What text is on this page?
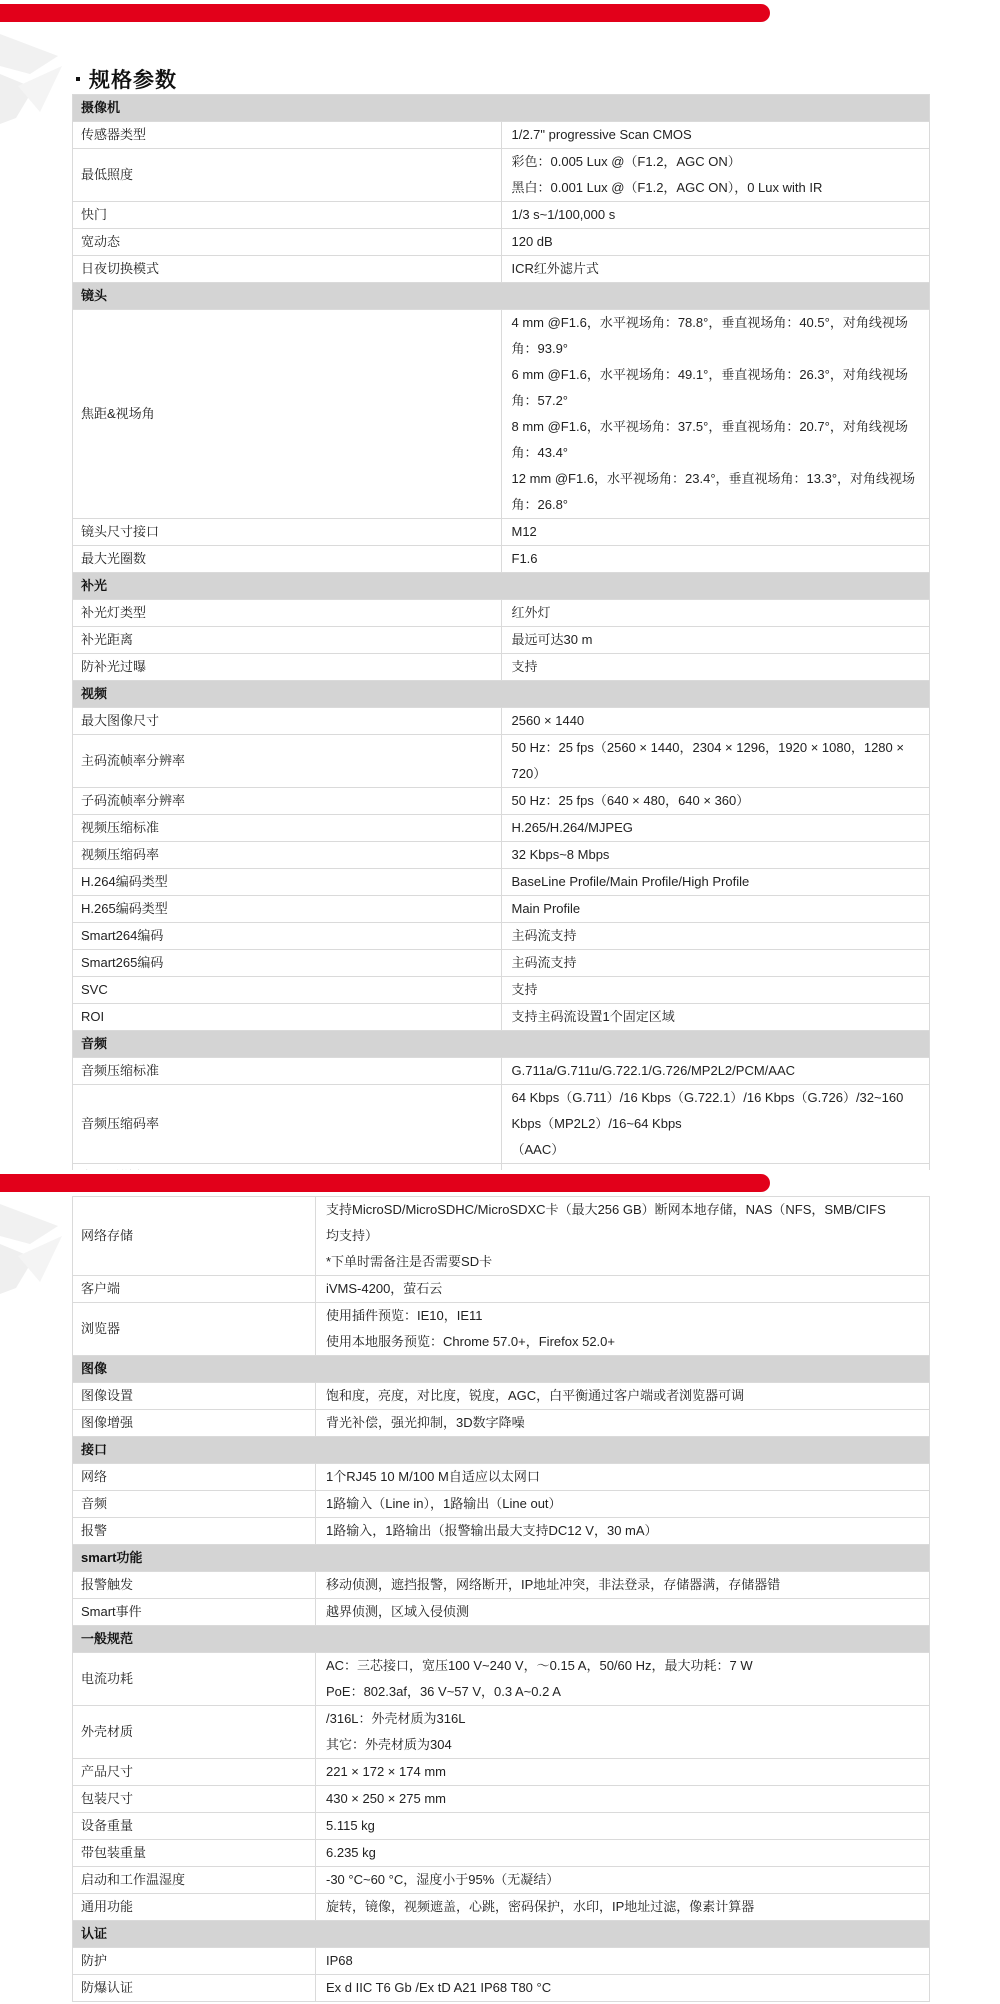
规格参数
摄像机	
传感器类型	1/2.7" progressive Scan CMOS

最低照度	彩色：0.005 Lux @（F1.2，AGC ON）
黑白：0.001 Lux @（F1.2，AGC ON），0 Lux with IR

快门	1/3 s~1/100,000 s

宽动态	120 dB

日夜切换模式	ICR红外滤片式

镜头	
焦距&视场角	4 mm @F1.6，水平视场角：78.8°，垂直视场角：40.5°，对角线视场角：93.9°
6 mm @F1.6，水平视场角：49.1°，垂直视场角：26.3°，对角线视场角：57.2°
8 mm @F1.6，水平视场角：37.5°，垂直视场角：20.7°，对角线视场角：43.4°
12 mm @F1.6，水平视场角：23.4°，垂直视场角：13.3°，对角线视场角：26.8°

镜头尺寸接口	M12

最大光圈数	F1.6

补光	
补光灯类型	红外灯

补光距离	最远可达30 m

防补光过曝	支持

视频	
最大图像尺寸	2560 × 1440

主码流帧率分辨率	50 Hz：25 fps（2560 × 1440，2304 × 1296，1920 × 1080，1280 × 720）

子码流帧率分辨率	50 Hz：25 fps（640 × 480，640 × 360）

视频压缩标准	H.265/H.264/MJPEG

视频压缩码率	32 Kbps~8 Mbps

H.264编码类型	BaseLine Profile/Main Profile/High Profile

H.265编码类型	Main Profile

Smart264编码	主码流支持

Smart265编码	主码流支持

SVC	支持

ROI	支持主码流设置1个固定区域

音频	
音频压缩标准	G.711a/G.711u/G.722.1/G.726/MP2L2/PCM/AAC

音频压缩码率	64 Kbps（G.711）/16 Kbps（G.722.1）/16 Kbps（G.726）/32~160 Kbps（MP2L2）/16~64 Kbps
（AAC）

网络存储	支持MicroSD/MicroSDHC/MicroSDXC卡（最大256 GB）断网本地存储，NAS（NFS，SMB/CIFS
均支持）
*下单时需备注是否需要SD卡

客户端	iVMS-4200，萤石云

浏览器	使用插件预览：IE10，IE11
使用本地服务预览：Chrome 57.0+，Firefox 52.0+

图像	
图像设置	饱和度，亮度，对比度，锐度，AGC，白平衡通过客户端或者浏览器可调

图像增强	背光补偿，强光抑制，3D数字降噪

接口	
网络	1个RJ45 10 M/100 M自适应以太网口

音频	1路输入（Line in），1路输出（Line out）

报警	1路输入，1路输出（报警输出最大支持DC12 V，30 mA）

smart功能	
报警触发	移动侦测，遮挡报警，网络断开，IP地址冲突，非法登录，存储器满，存储器错

Smart事件	越界侦测，区域入侵侦测

一般规范	
电流功耗	AC：三芯接口，宽压100 V~240 V，～0.15 A，50/60 Hz，最大功耗：7 W
PoE：802.3af，36 V~57 V，0.3 A~0.2 A

外壳材质	/316L：外壳材质为316L
其它：外壳材质为304

产品尺寸	221 × 172 × 174 mm

包装尺寸	430 × 250 × 275 mm

设备重量	5.115 kg

带包装重量	6.235 kg

启动和工作温湿度	-30 °C~60 °C，湿度小于95%（无凝结）

通用功能	旋转，镜像，视频遮盖，心跳，密码保护，水印，IP地址过滤，像素计算器

认证	
防护	IP68

防爆认证	Ex d IIC T6 Gb /Ex tD A21 IP68 T80 °C
